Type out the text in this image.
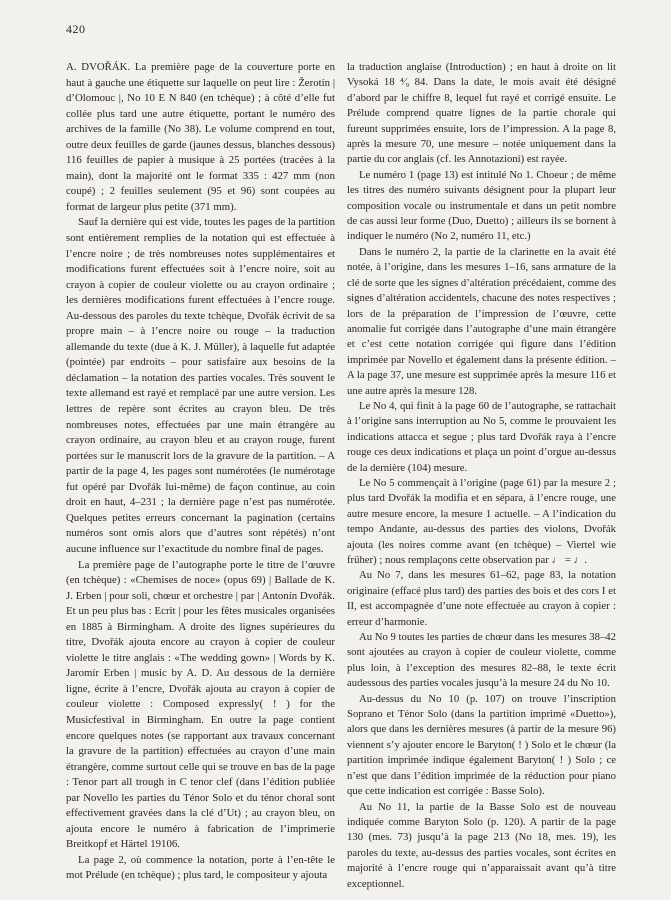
420

A. DVOŘÁK. La première page de la couverture porte en haut à gauche une étiquette sur laquelle on peut lire : Žerotín | d’Olomouc |, No 10 E N 840 (en tchèque) ; à côté d’elle fut collée plus tard une autre étiquette, portant le numéro des archives de la famille (No 38). Le volume comprend en tout, outre deux feuilles de garde (jaunes dessus, blanches dessous) 116 feuilles de papier à musique à 25 portées (tracées à la main), dont la majorité ont le format 335 : 427 mm (non coupé) ; 2 feuilles seulement (95 et 96) sont coupées au format de largeur plus petite (371 mm).

Sauf la dernière qui est vide, toutes les pages de la partition sont entièrement remplies de la notation qui est effectuée à l’encre noire ; de très nombreuses notes supplémentaires et modifications furent effectuées soit à l’encre noire, soit au crayon à copier de couleur violette ou au crayon ordinaire ; les dernières modifications furent effectuées à l’encre rouge. Au-dessous des paroles du texte tchèque, Dvořák écrivit de sa propre main – à l’encre noire ou rouge – la traduction allemande du texte (due à K. J. Müller), à laquelle fut adaptée (pointée) par endroits – pour satisfaire aux besoins de la déclamation – la notation des parties vocales. Très souvent le texte allemand est rayé et remplacé par une autre version. Les lettres de repère sont écrites au crayon bleu. De très nombreuses notes, effectuées par une main étrangère au crayon ordinaire, au crayon bleu et au crayon rouge, furent portées sur le manuscrit lors de la gravure de la partition. – A partir de la page 4, les pages sont numérotées (le numérotage fut opéré par Dvořák lui-même) de façon continue, au coin droit en haut, 4–231 ; la dernière page n’est pas numérotée. Quelques petites erreurs concernant la pagination (certains numéros sont omis alors que d’autres sont répétés) n’ont aucune influence sur l’exactitude du nombre final de pages.

La première page de l’autographe porte le titre de l’œuvre (en tchèque) : «Chemises de noce» (opus 69) | Ballade de K. J. Erben | pour soli, chœur et orchestre | par | Antonín Dvořák. Et un peu plus bas : Ecrit | pour les fêtes musicales organisées en 1885 à Birmingham. A droite des lignes supérieures du titre, Dvořák ajouta encore au crayon à copier de couleur violette le titre anglais : «The wedding gown» | Words by K. Jaromír Erben | music by A. D. Au dessous de la dernière ligne, écrite à l’encre, Dvořák ajouta au crayon à copier de couleur violette : Composed expressly( ! ) for the Musicfestival in Birmingham. En outre la page contient encore quelques notes (se rapportant aux travaux concernant la gravure de la partition) effectuées au crayon d’une main étrangère, comme surtout celle qui se trouve en bas de la page : Tenor part all trough in C tenor clef (dans l’édition publiée par Novello les parties du Ténor Solo et du ténor choral sont effectivement gravées dans la clé d’Ut) ; au crayon bleu, on ajouta encore le numéro à fabrication de l’imprimerie Breitkopf et Härtel 19106.

La page 2, où commence la notation, porte à l’en-tête le mot Prélude (en tchèque) ; plus tard, le compositeur y ajouta

la traduction anglaise (Introduction) ; en haut à droite on lit Vysoká 18 ⁴⁄₉ 84. Dans la date, le mois avait été désigné d’abord par le chiffre 8, lequel fut rayé et corrigé ensuite. Le Prélude comprend quatre lignes de la partie chorale qui fureunt supprimées ensuite, lors de l’impression. A la page 8, après la mesure 70, une mesure – notée uniquement dans la partie du cor anglais (cf. les Annotazioni) est rayée.

Le numéro 1 (page 13) est intitulé No 1. Choeur ; de même les titres des numéro suivants désignent pour la plupart leur composition vocale ou instrumentale et dans un petit nombre de cas aussi leur forme (Duo, Duetto) ; ailleurs ils se bornent à indiquer le numéro (No 2, numéro 11, etc.)

Dans le numéro 2, la partie de la clarinette en la avait été notée, à l’origine, dans les mesures 1–16, sans armature de la clé de sorte que les signes d’altération précédaient, comme des signes d’altération accidentels, chacune des notes respectives ; lors de la préparation de l’impression de l’œuvre, cette anomalie fut corrigée dans l’autographe d’une main étrangère et c’est cette notation corrigée qui figure dans l’édition imprimée par Novello et également dans la présente édition. – A la page 37, une mesure est supprimée après la mesure 116 et une autre après la mesure 128.

Le No 4, qui finit à la page 60 de l’autographe, se rattachait à l’origine sans interruption au No 5, comme le prouvaient les indications attacca et segue ; plus tard Dvořák raya à l’encre rouge ces deux indications et plaça un point d’orgue au-dessus de la dernière (104) mesure.

Le No 5 commençait à l’origine (page 61) par la mesure 2 ; plus tard Dvořák la modifia et en sépara, à l’encre rouge, une autre mesure encore, la mesure 1 actuelle. – A l’indication du tempo Andante, au-dessus des parties des violons, Dvořák ajouta (les noires comme avant (en tchèque) – Viertel wie früher) ; nous remplaçons cette observation par ♩ = ♩.

Au No 7, dans les mesures 61–62, page 83, la notation originaire (effacé plus tard) des parties des bois et des cors I et II, est accompagnée d’une note effectuée au crayon à copier : erreur d’harmonie.

Au No 9 toutes les parties de chœur dans les mesures 38–42 sont ajoutées au crayon à copier de couleur violette, comme plus loin, à l’exception des mesures 82–88, le texte écrit audessous des parties vocales jusqu’à la mesure 24 du No 10.

Au-dessus du No 10 (p. 107) on trouve l’inscription Soprano et Ténor Solo (dans la partition imprimé «Duetto»), alors que dans les dernières mesures (à partir de la mesure 96) viennent s’y ajouter encore le Baryton( ! ) Solo et le chœur (la partition imprimée indique également Baryton( ! ) Solo ; ce n’est que dans l’édition imprimée de la réduction pour piano que cette indication est corrigée : Basse Solo).

Au No 11, la partie de la Basse Solo est de nouveau indiquée comme Baryton Solo (p. 120). A partir de la page 130 (mes. 73) jusqu’à la page 213 (No 18, mes. 19), les paroles du texte, au-dessus des parties vocales, sont écrites en majorité à l’encre rouge qui n’apparaissait avant qu’à titre exceptionnel.
